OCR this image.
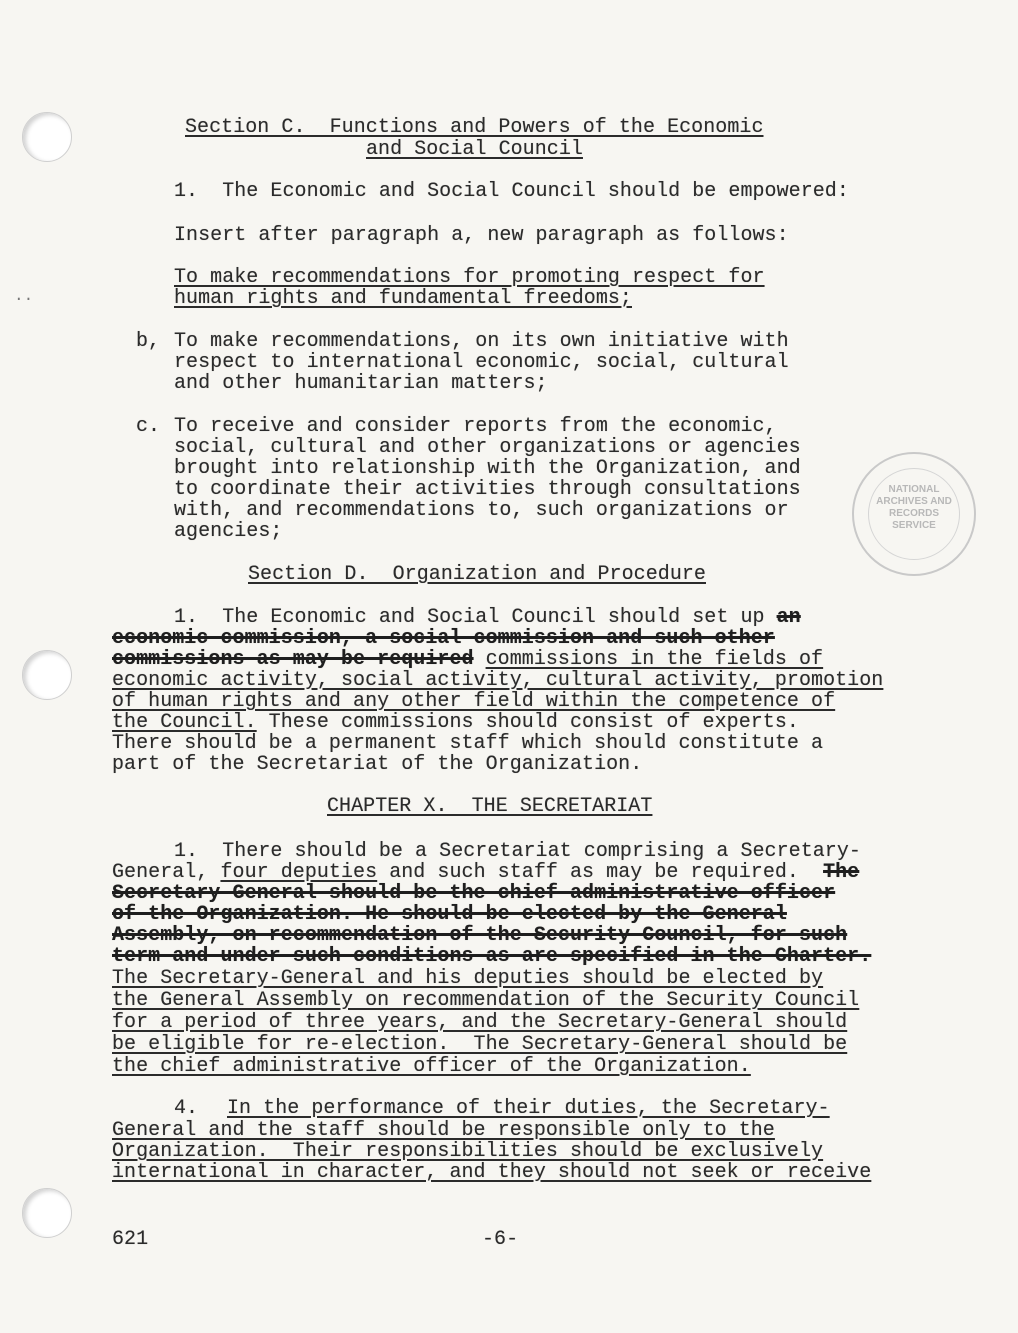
··
NATIONAL
ARCHIVES AND
RECORDS
SERVICE
Section C.  Functions and Powers of the Economic
and Social Council
1.  The Economic and Social Council should be empowered:
Insert after paragraph a, new paragraph as follows:
To make recommendations for promoting respect for
human rights and fundamental freedoms;
b, To make recommendations, on its own initiative with
respect to international economic, social, cultural
and other humanitarian matters;
c. To receive and consider reports from the economic,
social, cultural and other organizations or agencies
brought into relationship with the Organization, and
to coordinate their activities through consultations
with, and recommendations to, such organizations or
agencies;
Section D.  Organization and Procedure
1.  The Economic and Social Council should set up an
economic commission, a social commission and such other
commissions as may be required commissions in the fields of
economic activity, social activity, cultural activity, promotion
of human rights and any other field within the competence of
the Council. These commissions should consist of experts.
There should be a permanent staff which should constitute a
part of the Secretariat of the Organization.
CHAPTER X.  THE SECRETARIAT
1.  There should be a Secretariat comprising a Secretary-
General, four deputies and such staff as may be required.  The
Secretary General should be the chief administrative officer
of the Organization. He should be elected by the General
Assembly, on recommendation of the Security Council, for such
term and under such conditions as are specified in the Charter.
The Secretary-General and his deputies should be elected by
the General Assembly on recommendation of the Security Council
for a period of three years, and the Secretary-General should
be eligible for re-election.  The Secretary-General should be
the chief administrative officer of the Organization.
4. In the performance of their duties, the Secretary-
General and the staff should be responsible only to the
Organization.  Their responsibilities should be exclusively
international in character, and they should not seek or receive
621	-6-
